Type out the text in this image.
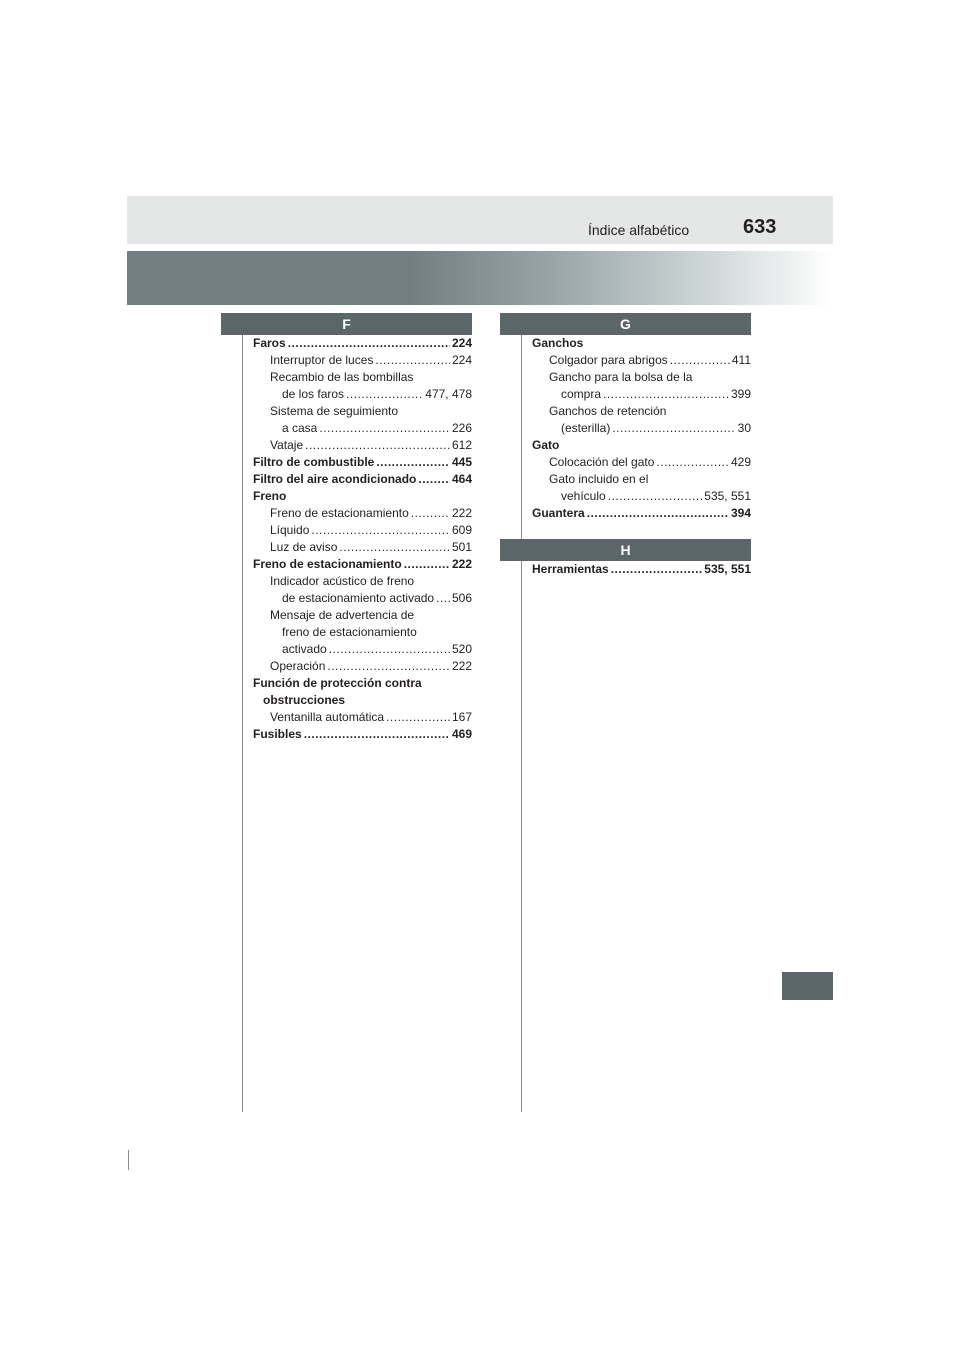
Índice alfabético	633
F	G
H
Faros .....	224
Interruptor de luces .....	224
Recambio de las bombillas
de los faros .....	477, 478
Sistema de seguimiento
a casa .....	226
Vataje .....	612
Filtro de combustible .....	445
Filtro del aire acondicionado .....	464
Freno
Freno de estacionamiento .....	222
Líquido .....	609
Luz de aviso .....	501
Freno de estacionamiento .....	222
Indicador acústico de freno
de estacionamiento activado ..... 506
Mensaje de advertencia de
freno de estacionamiento
activado .....	520
Operación .....	222
Función de protección contra
obstrucciones
Ventanilla automática .....	167
Fusibles .....	469
Ganchos
Colgador para abrigos .....	411
Gancho para la bolsa de la
compra .....	399
Ganchos de retención
(esterilla) .....	30
Gato
Colocación del gato .....	429
Gato incluido en el
vehículo .....	535, 551
Guantera .....	394
Herramientas .....	535, 551
